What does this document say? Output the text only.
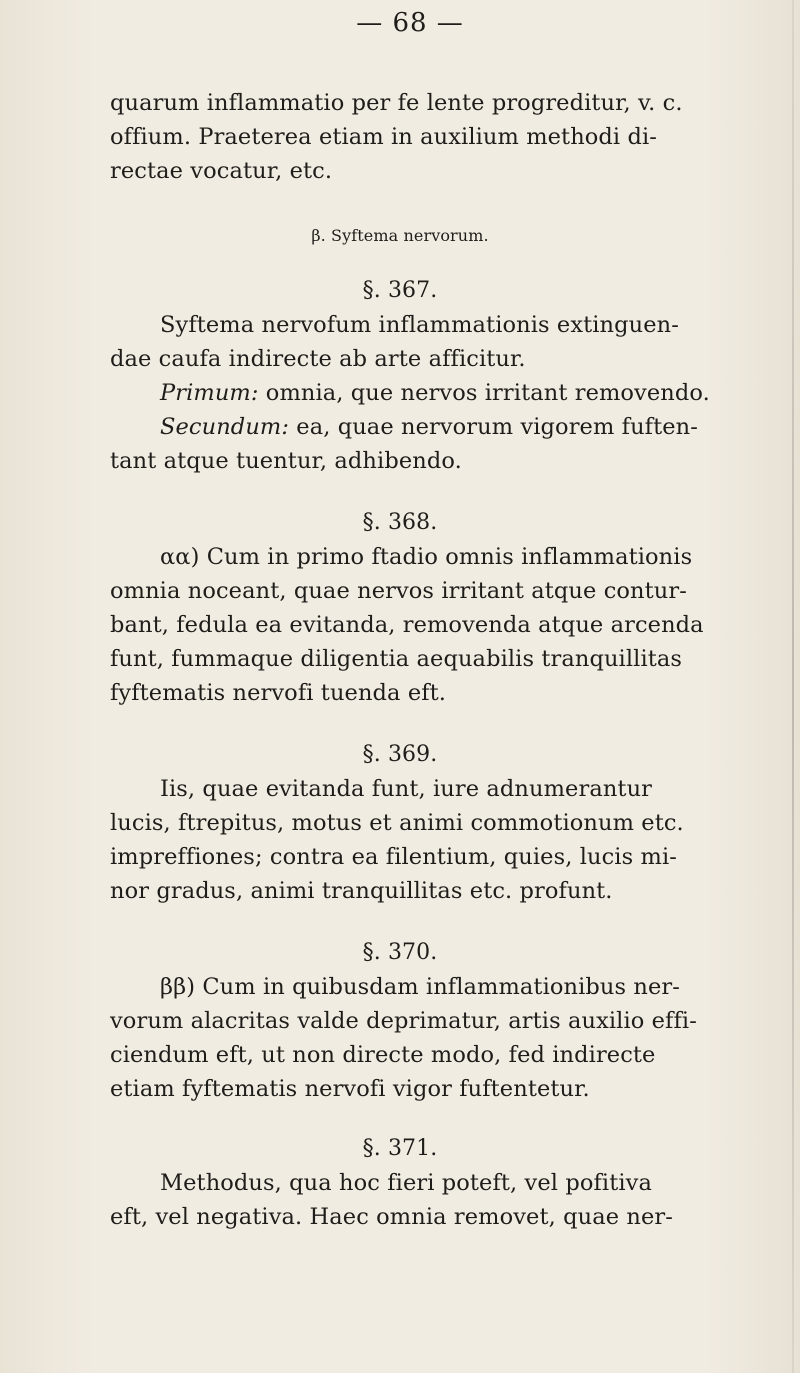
— 68 —
quarum inflammatio per fe lente progreditur, v. c.
offium. Praeterea etiam in auxilium methodi di-
rectae vocatur, etc.
β. Syftema nervorum.
§. 367.
Syftema nervofum inflammationis extinguen-
dae caufa indirecte ab arte afficitur.
Primum: omnia, que nervos irritant removendo.
Secundum: ea, quae nervorum vigorem fuften-
tant atque tuentur, adhibendo.
§. 368.
αα) Cum in primo ftadio omnis inflammationis
omnia noceant, quae nervos irritant atque contur-
bant, fedula ea evitanda, removenda atque arcenda
funt, fummaque diligentia aequabilis tranquillitas
fyftematis nervofi tuenda eft.
§. 369.
Iis, quae evitanda funt, iure adnumerantur
lucis, ftrepitus, motus et animi commotionum etc.
impreffiones; contra ea filentium, quies, lucis mi-
nor gradus, animi tranquillitas etc. profunt.
§. 370.
ββ) Cum in quibusdam inflammationibus ner-
vorum alacritas valde deprimatur, artis auxilio effi-
ciendum eft, ut non directe modo, fed indirecte
etiam fyftematis nervofi vigor fuftentetur.
§. 371.
Methodus, qua hoc fieri poteft, vel pofitiva
eft, vel negativa. Haec omnia removet, quae ner-
